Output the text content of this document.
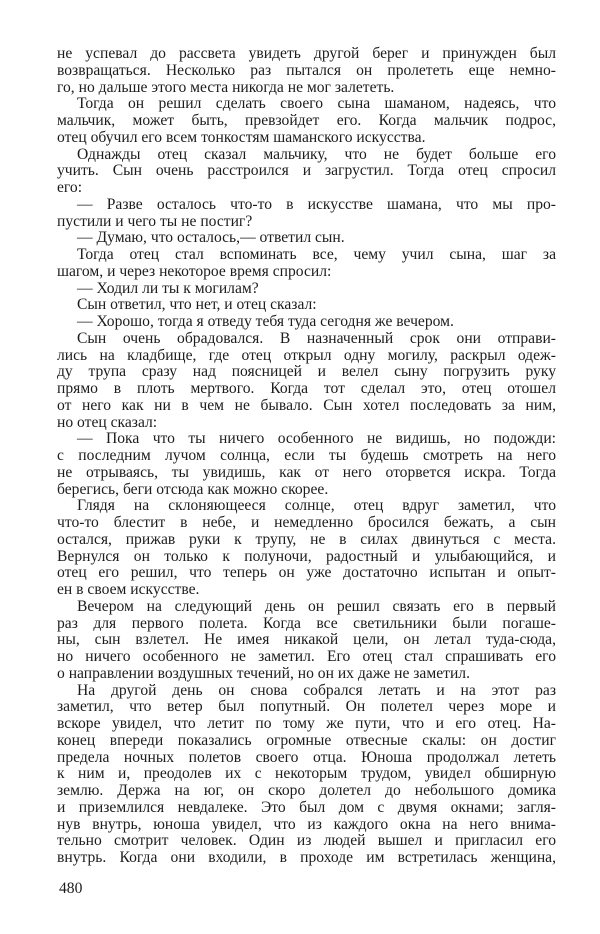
не успевал до рассвета увидеть другой берег и принужден был
возвращаться. Несколько раз пытался он пролететь еще немно-
го, но дальше этого места никогда не мог залететь.
Тогда он решил сделать своего сына шаманом, надеясь, что
мальчик, может быть, превзойдет его. Когда мальчик подрос,
отец обучил его всем тонкостям шаманского искусства.
Однажды отец сказал мальчику, что не будет больше его
учить. Сын очень расстроился и загрустил. Тогда отец спросил
его:
— Разве осталось что-то в искусстве шамана, что мы про-
пустили и чего ты не постиг?
— Думаю, что осталось,— ответил сын.
Тогда отец стал вспоминать все, чему учил сына, шаг за
шагом, и через некоторое время спросил:
— Ходил ли ты к могилам?
Сын ответил, что нет, и отец сказал:
— Хорошо, тогда я отведу тебя туда сегодня же вечером.
Сын очень обрадовался. В назначенный срок они отправи-
лись на кладбище, где отец открыл одну могилу, раскрыл одеж-
ду трупа сразу над поясницей и велел сыну погрузить руку
прямо в плоть мертвого. Когда тот сделал это, отец отошел
от него как ни в чем не бывало. Сын хотел последовать за ним,
но отец сказал:
— Пока что ты ничего особенного не видишь, но подожди:
с последним лучом солнца, если ты будешь смотреть на него
не отрываясь, ты увидишь, как от него оторвется искра. Тогда
берегись, беги отсюда как можно скорее.
Глядя на склоняющееся солнце, отец вдруг заметил, что
что-то блестит в небе, и немедленно бросился бежать, а сын
остался, прижав руки к трупу, не в силах двинуться с места.
Вернулся он только к полуночи, радостный и улыбающийся, и
отец его решил, что теперь он уже достаточно испытан и опыт-
ен в своем искусстве.
Вечером на следующий день он решил связать его в первый
раз для первого полета. Когда все светильники были погаше-
ны, сын взлетел. Не имея никакой цели, он летал туда-сюда,
но ничего особенного не заметил. Его отец стал спрашивать его
о направлении воздушных течений, но он их даже не заметил.
На другой день он снова собрался летать и на этот раз
заметил, что ветер был попутный. Он полетел через море и
вскоре увидел, что летит по тому же пути, что и его отец. На-
конец впереди показались огромные отвесные скалы: он достиг
предела ночных полетов своего отца. Юноша продолжал лететь
к ним и, преодолев их с некоторым трудом, увидел обширную
землю. Держа на юг, он скоро долетел до небольшого домика
и приземлился невдалеке. Это был дом с двумя окнами; загля-
нув внутрь, юноша увидел, что из каждого окна на него внима-
тельно смотрит человек. Один из людей вышел и пригласил его
внутрь. Когда они входили, в проходе им встретилась женщина,
480
